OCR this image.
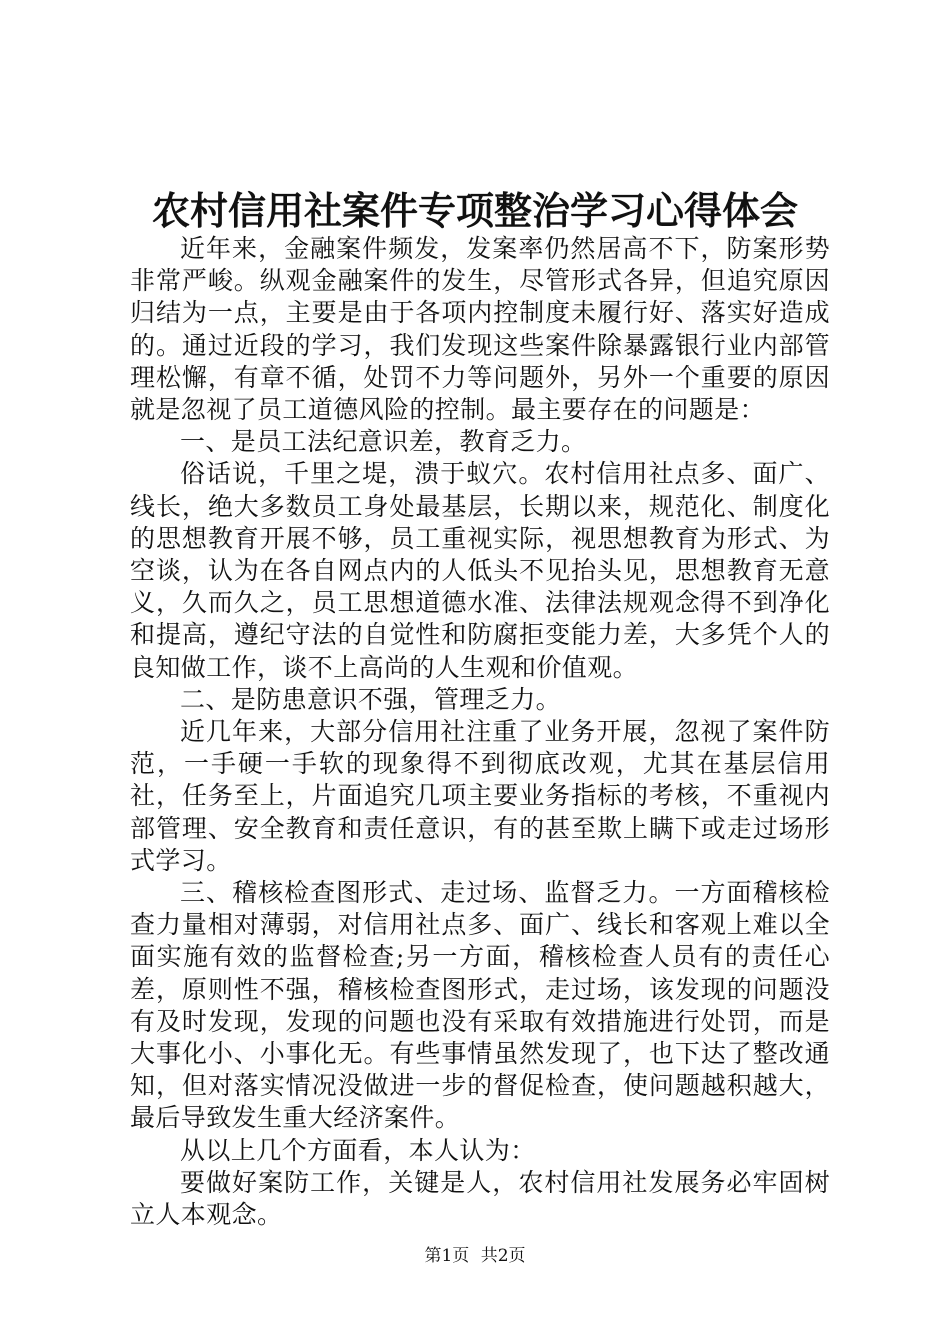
农村信用社案件专项整治学习心得体会

近年来，金融案件频发，发案率仍然居高不下，防案形势非常严峻。纵观金融案件的发生，尽管形式各异，但追究原因归结为一点，主要是由于各项内控制度未履行好、落实好造成的。通过近段的学习，我们发现这些案件除暴露银行业内部管理松懈，有章不循，处罚不力等问题外，另外一个重要的原因就是忽视了员工道德风险的控制。最主要存在的问题是：

一、是员工法纪意识差，教育乏力。

俗话说，千里之堤，溃于蚁穴。农村信用社点多、面广、线长，绝大多数员工身处最基层，长期以来，规范化、制度化的思想教育开展不够，员工重视实际，视思想教育为形式、为空谈，认为在各自网点内的人低头不见抬头见，思想教育无意义，久而久之，员工思想道德水准、法律法规观念得不到净化和提高，遵纪守法的自觉性和防腐拒变能力差，大多凭个人的良知做工作，谈不上高尚的人生观和价值观。

二、是防患意识不强，管理乏力。

近几年来，大部分信用社注重了业务开展，忽视了案件防范，一手硬一手软的现象得不到彻底改观，尤其在基层信用社，任务至上，片面追究几项主要业务指标的考核，不重视内部管理、安全教育和责任意识，有的甚至欺上瞒下或走过场形式学习。

三、稽核检查图形式、走过场、监督乏力。一方面稽核检查力量相对薄弱，对信用社点多、面广、线长和客观上难以全面实施有效的监督检查;另一方面，稽核检查人员有的责任心差，原则性不强，稽核检查图形式，走过场，该发现的问题没有及时发现，发现的问题也没有采取有效措施进行处罚，而是大事化小、小事化无。有些事情虽然发现了，也下达了整改通知，但对落实情况没做进一步的督促检查，使问题越积越大，最后导致发生重大经济案件。

从以上几个方面看，本人认为：

要做好案防工作，关键是人，农村信用社发展务必牢固树立人本观念。

第1页 共2页
